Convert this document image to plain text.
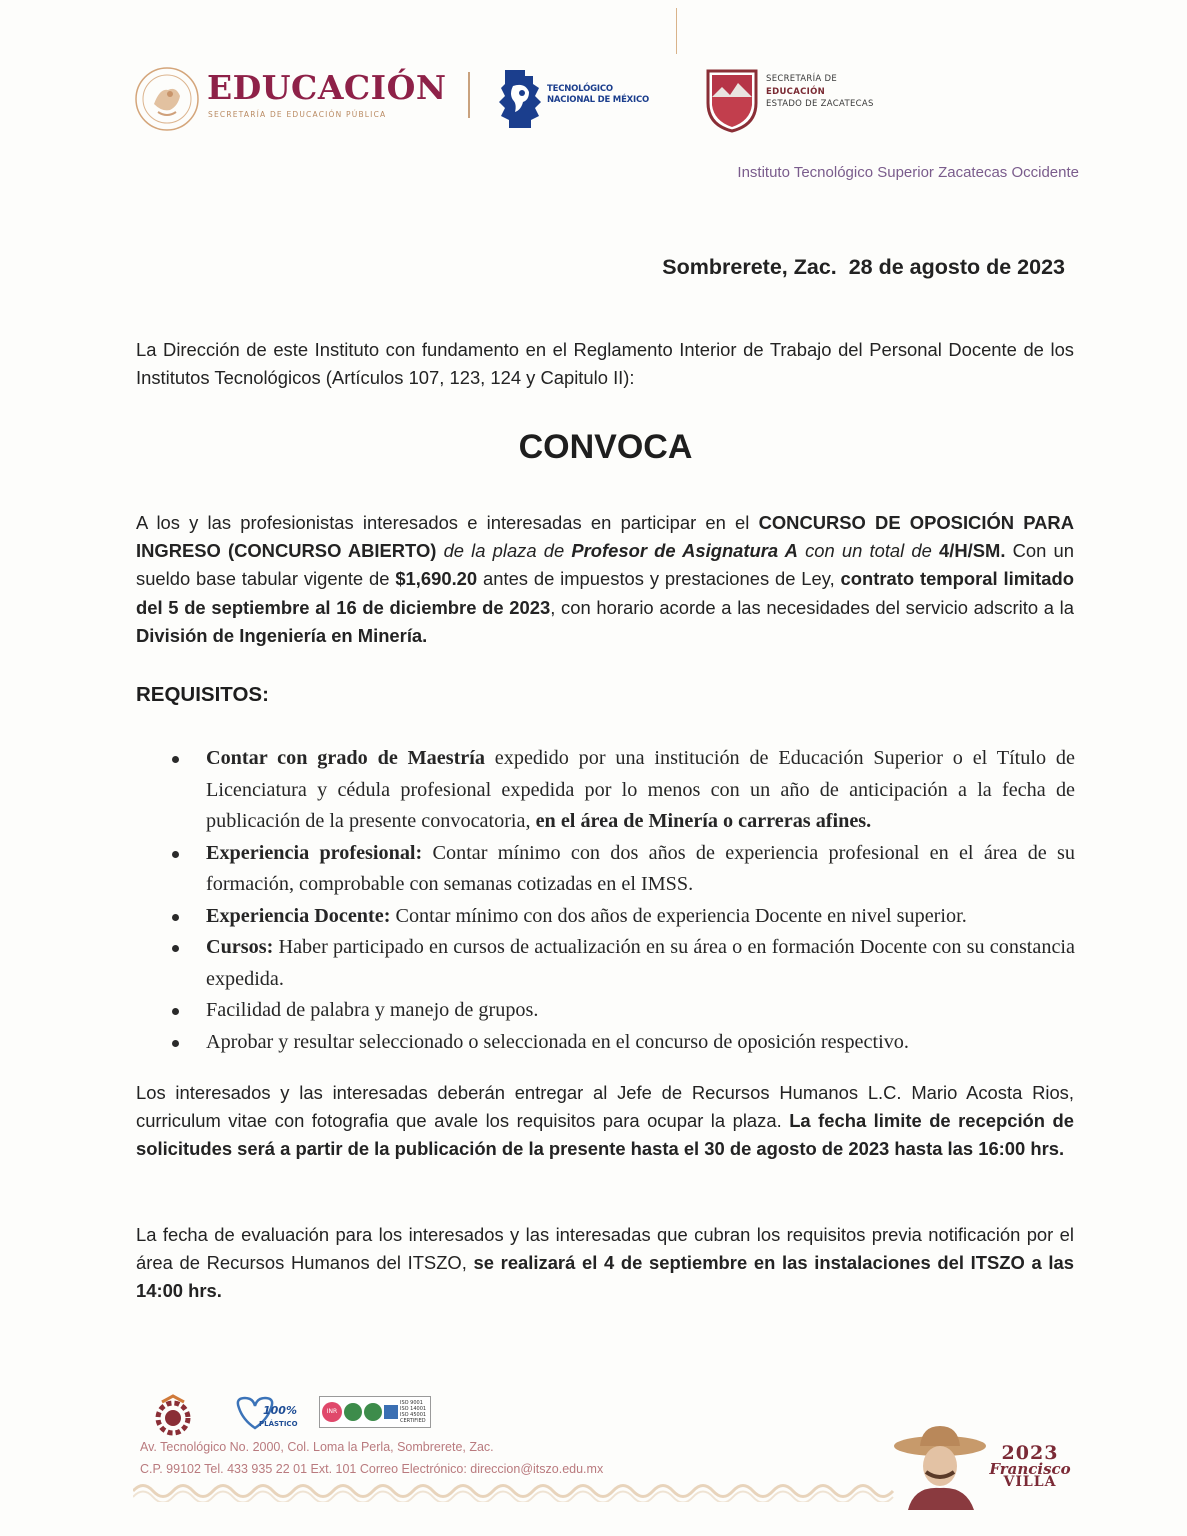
EDUCACIÓN
SECRETARÍA DE EDUCACIÓN PÚBLICA
TECNOLÓGICO
NACIONAL DE MÉXICO
SECRETARÍA DE
EDUCACIÓN
ESTADO DE ZACATECAS
Instituto Tecnológico Superior Zacatecas Occidente
Sombrerete, Zac.  28 de agosto de 2023
La Dirección de este Instituto con fundamento en el Reglamento Interior de Trabajo del Personal Docente de los Institutos Tecnológicos (Artículos 107, 123, 124 y Capitulo II):
CONVOCA
A los y las profesionistas interesados e interesadas en participar en el CONCURSO DE OPOSICIÓN PARA INGRESO (CONCURSO ABIERTO) de la plaza de Profesor de Asignatura A con un total de 4/H/SM. Con un sueldo base tabular vigente de $1,690.20 antes de impuestos y prestaciones de Ley, contrato temporal limitado del 5 de septiembre al 16 de diciembre de 2023, con horario acorde a las necesidades del servicio adscrito a la División de Ingeniería en Minería.
REQUISITOS:
Contar con grado de Maestría expedido por una institución de Educación Superior o el Título de Licenciatura y cédula profesional expedida por lo menos con un año de anticipación a la fecha de publicación de la presente convocatoria, en el área de Minería o carreras afines.
Experiencia profesional: Contar mínimo con dos años de experiencia profesional en el área de su formación, comprobable con semanas cotizadas en el IMSS.
Experiencia Docente: Contar mínimo con dos años de experiencia Docente en nivel superior.
Cursos: Haber participado en cursos de actualización en su área o en formación Docente con su constancia expedida.
Facilidad de palabra y manejo de grupos.
Aprobar y resultar seleccionado o seleccionada en el concurso de oposición respectivo.
Los interesados y las interesadas deberán entregar al Jefe de Recursos Humanos L.C. Mario Acosta Rios, curriculum vitae con fotografia que avale los requisitos para ocupar la plaza. La fecha limite de recepción de solicitudes será a partir de la publicación de la presente hasta el 30 de agosto de 2023 hasta las 16:00 hrs.
La fecha de evaluación para los interesados y las interesadas que cubran los requisitos previa notificación por el área de Recursos Humanos del ITSZO, se realizará el 4 de septiembre en las instalaciones del ITSZO a las 14:00 hrs.
100%
PLÁSTICO
INR
ISO 9001
ISO 14001
ISO 45001
CERTIFIED
Av. Tecnológico No. 2000, Col. Loma la Perla, Sombrerete, Zac.
C.P. 99102 Tel. 433 935 22 01 Ext. 101 Correo Electrónico: direccion@itszo.edu.mx
2023
Francisco
VILLA
